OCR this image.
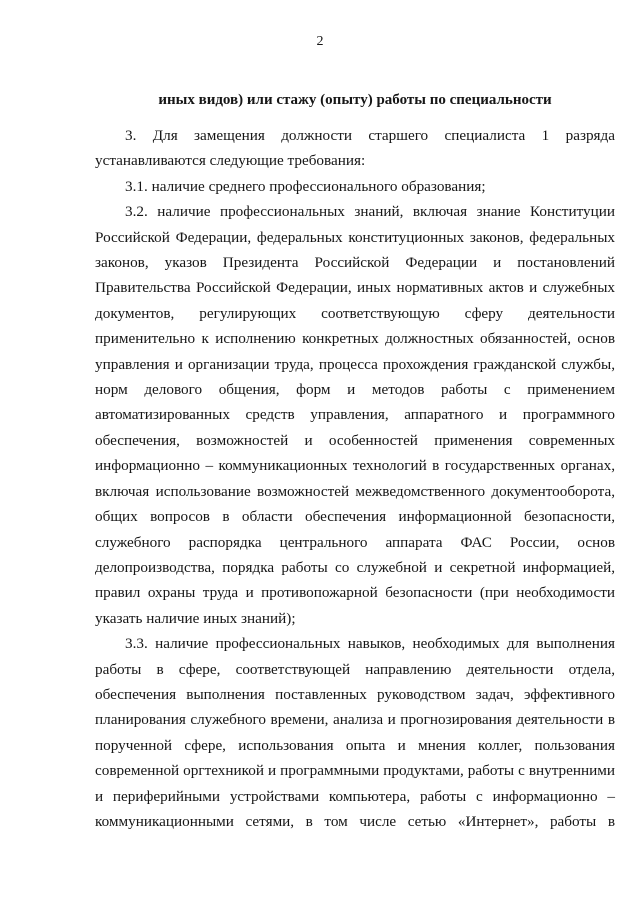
2
иных видов) или стажу (опыту) работы по специальности
3. Для замещения должности старшего специалиста 1 разряда
устанавливаются следующие требования:
3.1. наличие среднего профессионального образования;
3.2. наличие профессиональных знаний, включая знание Конституции
Российской Федерации, федеральных конституционных законов, федеральных
законов, указов Президента Российской Федерации и постановлений
Правительства Российской Федерации, иных нормативных актов и служебных
документов, регулирующих соответствующую сферу деятельности
применительно к исполнению конкретных должностных обязанностей, основ
управления и организации труда, процесса прохождения гражданской службы,
норм делового общения, форм и методов работы с применением
автоматизированных средств управления, аппаратного и программного
обеспечения, возможностей и особенностей применения современных
информационно – коммуникационных технологий в государственных органах,
включая использование возможностей межведомственного документооборота,
общих вопросов в области обеспечения информационной безопасности,
служебного распорядка центрального аппарата ФАС России, основ
делопроизводства, порядка работы со служебной и секретной информацией,
правил охраны труда и противопожарной безопасности (при необходимости
указать наличие иных знаний);
3.3. наличие профессиональных навыков, необходимых для выполнения
работы в сфере, соответствующей направлению деятельности отдела,
обеспечения выполнения поставленных руководством задач, эффективного
планирования служебного времени, анализа и прогнозирования деятельности в
порученной сфере, использования опыта и мнения коллег, пользования
современной оргтехникой и программными продуктами, работы с внутренними
и периферийными устройствами компьютера, работы с информационно –
коммуникационными сетями, в том числе сетью «Интернет», работы в
